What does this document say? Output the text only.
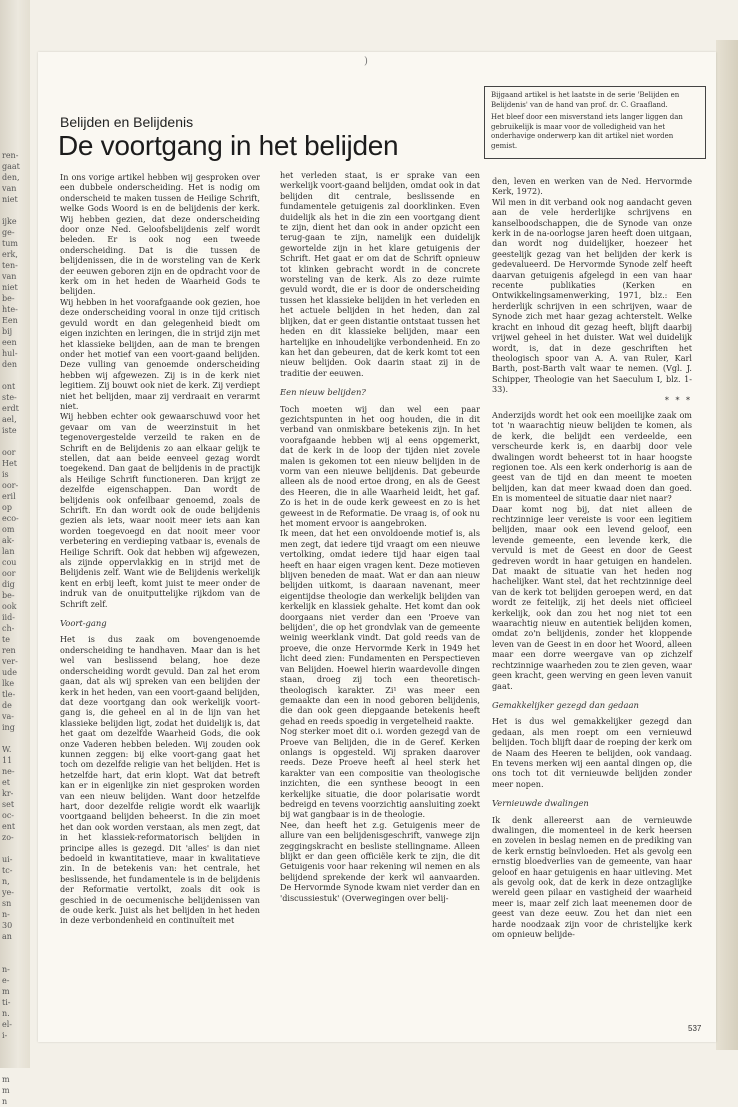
ren-
gaat
den,
van
niet

ijke
ge-
tum
erk,
ten-
van
niet
be-
hte-
Een
bij
een
hul-
den

ont
ste-
erdt
ael,
iste

oor
Het
is
oor-
eril
op
eco-
om
ak-
lan
cou
oor
dig
be-
ook
iid-
ch-
te
ren
ver-
ude
lke
tle-
de
va-
ing

W.
11
ne-
et
kr-
set
oc-
ent
zo-

ui-
tc-
n,
ye-
sn
n-
30
an

n-
e-
m
ti-
n.
el-
i-

m
m
n
)

Bijgaand artikel is het laatste in de serie 'Belijden en Belijdenis' van de hand van prof. dr. C. Graafland.

Het bleef door een misverstand iets langer liggen dan gebruikelijk is maar voor de volledigheid van het onderhavige onderwerp kan dit artikel niet worden gemist.

Belijden en Belijdenis
De voortgang in het belijden

In ons vorige artikel hebben wij gesproken over een dubbele onderscheiding. Het is nodig om onderscheid te maken tussen de Heilige Schrift, welke Gods Woord is en de belijdenis der kerk. Wij hebben gezien, dat deze onderscheiding door onze Ned. Geloofsbelijdenis zelf wordt beleden. Er is ook nog een tweede onderscheiding. Dat is die tussen de belijdenissen, die in de worsteling van de Kerk der eeuwen geboren zijn en de opdracht voor de kerk om in het heden de Waarheid Gods te belijden.

Wij hebben in het voorafgaande ook gezien, hoe deze onderscheiding vooral in onze tijd critisch gevuld wordt en dan gelegenheid biedt om eigen inzichten en leringen, die in strijd zijn met het klassieke belijden, aan de man te brengen onder het motief van een voort-gaand belijden. Deze vulling van genoemde onderscheiding hebben wij afgewezen. Zij is in de kerk niet legitiem. Zij bouwt ook niet de kerk. Zij verdiept niet het belijden, maar zij verdraait en verarmt niet.

Wij hebben echter ook gewaarschuwd voor het gevaar om van de weerzinstuit in het tegenovergestelde verzeild te raken en de Schrift en de Belijdenis zo aan elkaar gelijk te stellen, dat aan beide eenveel gezag wordt toegekend. Dan gaat de belijdenis in de practijk als Heilige Schrift functioneren. Dan krijgt ze dezelfde eigenschappen. Dan wordt de belijdenis ook onfeilbaar genoemd, zoals de Schrift. En dan wordt ook de oude belijdenis gezien als iets, waar nooit meer iets aan kan worden toegevoegd en dat nooit meer voor verbetering en verdieping vatbaar is, evenals de Heilige Schrift. Ook dat hebben wij afgewezen, als zijnde oppervlakkig en in strijd met de Belijdenis zelf. Want wie de Belijdenis werkelijk kent en erbij leeft, komt juist te meer onder de indruk van de onuitputtelijke rijkdom van de Schrift zelf.

Voort-gang

Het is dus zaak om bovengenoemde onderscheiding te handhaven. Maar dan is het wel van beslissend belang, hoe deze onderscheiding wordt gevuld. Dan zal het erom gaan, dat als wij spreken van een belijden der kerk in het heden, van een voort-gaand belijden, dat deze voortgang dan ook werkelijk voort-gang is, die geheel en al in de lijn van het klassieke belijden ligt, zodat het duidelijk is, dat het gaat om dezelfde Waarheid Gods, die ook onze Vaderen hebben beleden. Wij zouden ook kunnen zeggen: bij elke voort-gang gaat het toch om dezelfde religie van het belijden. Het is hetzelfde hart, dat erin klopt. Wat dat betreft kan er in eigenlijke zin niet gesproken worden van een nieuw belijden. Want door hetzelfde hart, door dezelfde religie wordt elk waarlijk voortgaand belijden beheerst. In die zin moet het dan ook worden verstaan, als men zegt, dat in het klassiek-reformatorisch belijden in principe alles is gezegd. Dit 'alles' is dan niet bedoeld in kwantitatieve, maar in kwalitatieve zin. In de betekenis van: het centrale, het beslissende, het fundamentele is in de belijdenis der Reformatie vertolkt, zoals dit ook is geschied in de oecumenische belijdenissen van de oude kerk. Juist als het belijden in het heden in deze verbondenheid en continuïteit met

het verleden staat, is er sprake van een werkelijk voort-gaand belijden, omdat ook in dat belijden dit centrale, beslissende en fundamentele getuigenis zal doorklinken. Even duidelijk als het in die zin een voortgang dient te zijn, dient het dan ook in ander opzicht een terug-gaan te zijn, namelijk een duidelijk gewortelde zijn in het klare getuigenis der Schrift. Het gaat er om dat de Schrift opnieuw tot klinken gebracht wordt in de concrete worsteling van de kerk. Als zo deze ruimte gevuld wordt, die er is door de onderscheiding tussen het klassieke belijden in het verleden en het actuele belijden in het heden, dan zal blijken, dat er geen distantie ontstaat tussen het heden en dit klassieke belijden, maar een hartelijke en inhoudelijke verbondenheid. En zo kan het dan gebeuren, dat de kerk komt tot een nieuw belijden. Ook daarin staat zij in de traditie der eeuwen.

Een nieuw belijden?

Toch moeten wij dan wel een paar gezichtspunten in het oog houden, die in dit verband van onmiskbare betekenis zijn. In het voorafgaande hebben wij al eens opgemerkt, dat de kerk in de loop der tijden niet zovele malen is gekomen tot een nieuw belijden in de vorm van een nieuwe belijdenis. Dat gebeurde alleen als de nood ertoe drong, en als de Geest des Heeren, die in alle Waarheid leidt, het gaf. Zo is het in de oude kerk geweest en zo is het geweest in de Reformatie. De vraag is, of ook nu het moment ervoor is aangebroken.

Ik meen, dat het een onvoldoende motief is, als men zegt, dat iedere tijd vraagt om een nieuwe vertolking, omdat iedere tijd haar eigen taal heeft en haar eigen vragen kent. Deze motieven blijven beneden de maat. Wat er dan aan nieuw belijden uitkomt, is daaraan navenant, meer eigentijdse theologie dan werkelijk belijden van kerkelijk en klassiek gehalte. Het komt dan ook doorgaans niet verder dan een 'Proeve van belijden', die op het grondvlak van de gemeente weinig weerklank vindt. Dat gold reeds van de proeve, die onze Hervormde Kerk in 1949 het licht deed zien: Fundamenten en Perspectieven van Belijden. Hoewel hierin waardevolle dingen staan, droeg zij toch een theoretisch-theologisch karakter. Zi¹ was meer een gemaakte dan een in nood geboren belijdenis, die dan ook geen diepgaande betekenis heeft gehad en reeds spoedig in vergetelheid raakte.

Nog sterker moet dit o.i. worden gezegd van de Proeve van Belijden, die in de Geref. Kerken onlangs is opgesteld. Wij spraken daarover reeds. Deze Proeve heeft al heel sterk het karakter van een compositie van theologische inzichten, die een synthese beoogt in een kerkelijke situatie, die door polarisatie wordt bedreigd en tevens voorzichtig aansluiting zoekt bij wat gangbaar is in de theologie.

Nee, dan heeft het z.g. Getuigenis meer de allure van een belijdenisgeschrift, vanwege zijn zeggingskracht en besliste stellingname. Alleen blijkt er dan geen officiële kerk te zijn, die dit Getuigenis voor haar rekening wil nemen en als belijdend sprekende der kerk wil aanvaarden. De Hervormde Synode kwam niet verder dan en 'discussiestuk' (Overwegingen over belij-

den, leven en werken van de Ned. Hervormde Kerk, 1972).

Wil men in dit verband ook nog aandacht geven aan de vele herderlijke schrijvens en kanselboodschappen, die de Synode van onze kerk in de na-oorlogse jaren heeft doen uitgaan, dan wordt nog duidelijker, hoezeer het geestelijk gezag van het belijden der kerk is gedevalueerd. De Hervormde Synode zelf heeft daarvan getuigenis afgelegd in een van haar recente publikaties (Kerken en Ontwikkelingsamenwerking, 1971, blz.: Een herderlijk schrijven in een schrijven, waar de Synode zich met haar gezag achterstelt. Welke kracht en inhoud dit gezag heeft, blijft daarbij vrijwel geheel in het duister. Wat wel duidelijk wordt, is, dat in deze geschriften het theologisch spoor van A. A. van Ruler, Karl Barth, post-Barth valt waar te nemen. (Vgl. J. Schipper, Theologie van het Saeculum I, blz. 1-33).

* * *

Anderzijds wordt het ook een moeilijke zaak om tot 'n waarachtig nieuw belijden te komen, als de kerk, die belijdt een verdeelde, een verscheurde kerk is, en daarbij door vele dwalingen wordt beheerst tot in haar hoogste regionen toe. Als een kerk onderhorig is aan de geest van de tijd en dan meent te moeten belijden, kan dat meer kwaad doen dan goed. En is momenteel de situatie daar niet naar?

Daar komt nog bij, dat niet alleen de rechtzinnige leer vereiste is voor een legitiem belijden, maar ook een levend geloof, een levende gemeente, een levende kerk, die vervuld is met de Geest en door de Geest gedreven wordt in haar getuigen en handelen. Dat maakt de situatie van het heden nog hachelijker. Want stel, dat het rechtzinnige deel van de kerk tot belijden geroepen werd, en dat wordt ze feitelijk, zij het deels niet officieel kerkelijk, ook dan zou het nog niet tot een waarachtig nieuw en autentiek belijden komen, omdat zo'n belijdenis, zonder het kloppende leven van de Geest in en door het Woord, alleen maar een dorre weergave van op zichzelf rechtzinnige waarheden zou te zien geven, waar geen kracht, geen werving en geen leven vanuit gaat.

Gemakkelijker gezegd dan gedaan

Het is dus wel gemakkelijker gezegd dan gedaan, als men roept om een vernieuwd belijden. Toch blijft daar de roeping der kerk om de Naam des Heeren te belijden, ook vandaag. En tevens merken wij een aantal dingen op, die ons toch tot dit vernieuwde belijden zonder meer nopen.

Vernieuwde dwalingen

Ik denk allereerst aan de vernieuwde dwalingen, die momenteel in de kerk heersen en zovelen in beslag nemen en de prediking van de kerk ernstig beïnvloeden. Het als gevolg een ernstig bloedverlies van de gemeente, van haar geloof en haar getuigenis en haar uitleving. Met als gevolg ook, dat de kerk in deze ontzaglijke wereld geen pilaar en vastigheid der waarheid meer is, maar zelf zich laat meenemen door de geest van deze eeuw. Zou het dan niet een harde noodzaak zijn voor de christelijke kerk om opnieuw belijde-

537
